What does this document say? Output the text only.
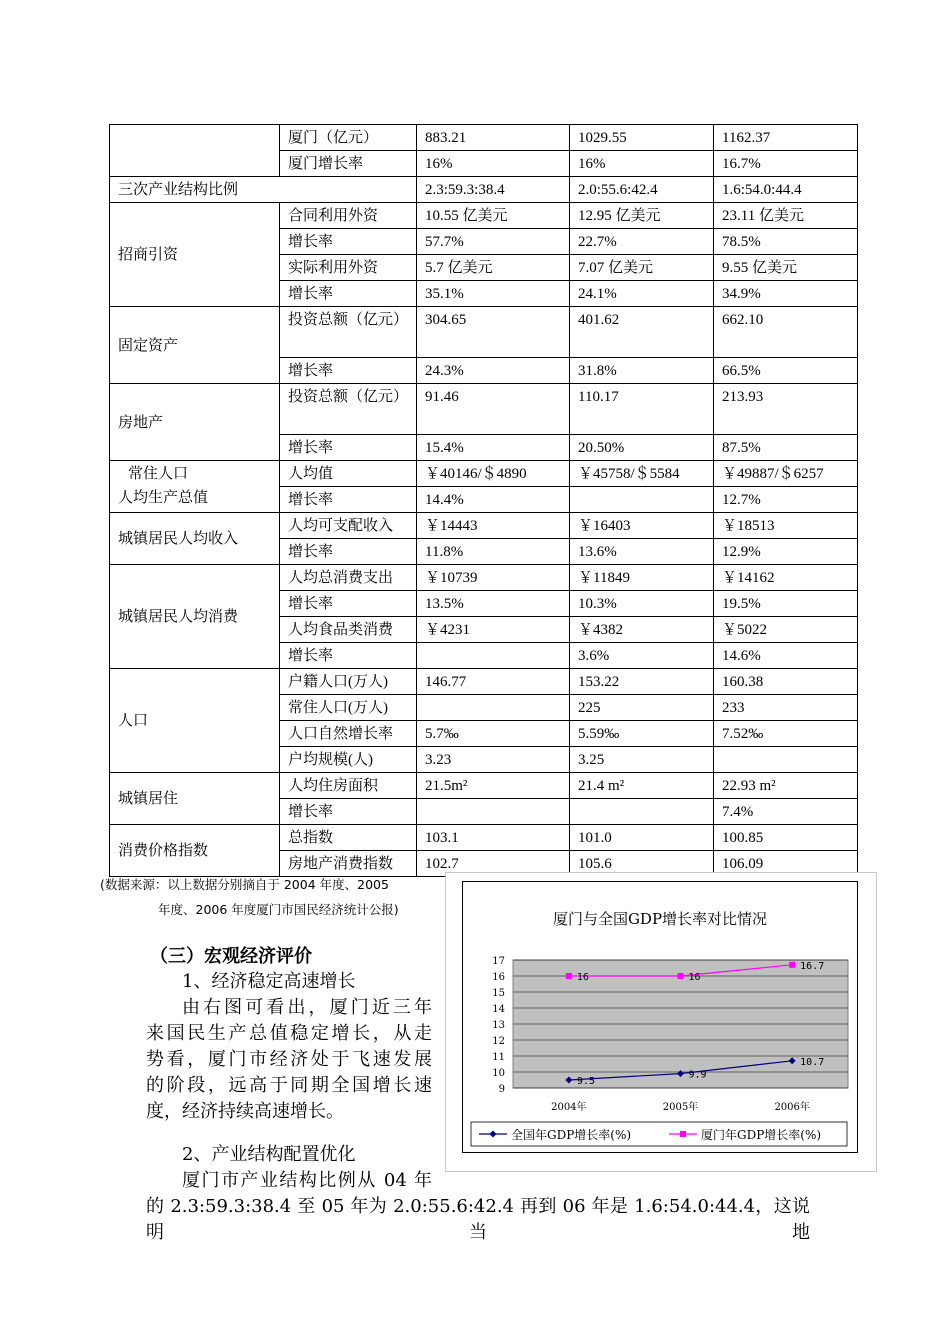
	厦门（亿元）	883.21	1029.55	1162.37
	厦门增长率	16%	16%	16.7%
三次产业结构比例		2.3:59.3:38.4	2.0:55.6:42.4	1.6:54.0:44.4
招商引资	合同利用外资	10.55 亿美元	12.95 亿美元	23.11 亿美元
	增长率	57.7%	22.7%	78.5%
	实际利用外资	5.7 亿美元	7.07 亿美元	9.55 亿美元
	增长率	35.1%	24.1%	34.9%
固定资产	投资总额（亿元）	304.65	401.62	662.10
	增长率	24.3%	31.8%	66.5%
房地产	投资总额（亿元）	91.46	110.17	213.93
	增长率	15.4%	20.50%	87.5%

常住人口
人均生产总值	人均值	￥40146/＄4890	￥45758/＄5584	￥49887/＄6257
	增长率	14.4%		12.7%
城镇居民人均收入	人均可支配收入	￥14443	￥16403	￥18513
	增长率	11.8%	13.6%	12.9%
城镇居民人均消费	人均总消费支出	￥10739	￥11849	￥14162
	增长率	13.5%	10.3%	19.5%
	人均食品类消费	￥4231	￥4382	￥5022
	增长率		3.6%	14.6%
人口	户籍人口(万人)	146.77	153.22	160.38
	常住人口(万人)		225	233
	人口自然增长率	5.7‰	5.59‰	7.52‰
	户均规模(人)	3.23	3.25	
城镇居住	人均住房面积	21.5m²	21.4 m²	22.93 m²
	增长率			7.4%
消费价格指数	总指数	103.1	101.0	100.85
	房地产消费指数	102.7	105.6	106.09
(数据来源：以上数据分别摘自于 2004 年度、2005
年度、2006 年度厦门市国民经济统计公报)
（三）宏观经济评价
1、经济稳定高速增长
由右图可看出，厦门近三年
来国民生产总值稳定增长，从走
势看，厦门市经济处于飞速发展
的阶段，远高于同期全国增长速
度，经济持续高速增长。
2、产业结构配置优化
厦门市产业结构比例从 04 年
的 2.3:59.3:38.4 至 05 年为 2.0:55.6:42.4 再到 06 年是 1.6:54.0:44.4，这说明当地
厦门与全国GDP增长率对比情况
9
10
11
12
13
14
15
16
17
2004年	2005年	2006年
9.5
9.9
10.7
16	16
16.7
全国年GDP增长率(%)	厦门年GDP增长率(%)
